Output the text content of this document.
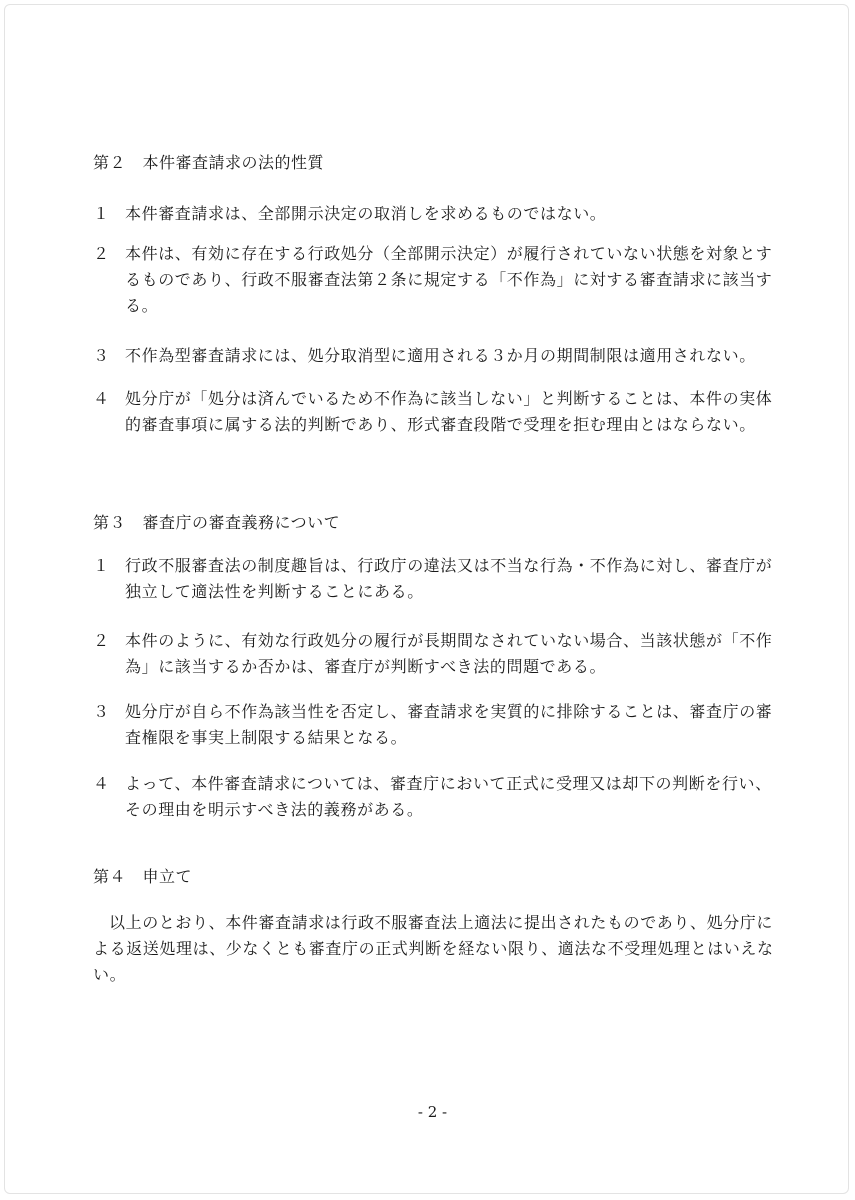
第２　本件審査請求の法的性質
１ 本件審査請求は、全部開示決定の取消しを求めるものではない。
２ 本件は、有効に存在する行政処分（全部開示決定）が履行されていない状態を対象とするものであり、行政不服審査法第２条に規定する「不作為」に対する審査請求に該当する。
３ 不作為型審査請求には、処分取消型に適用される３か月の期間制限は適用されない。
４ 処分庁が「処分は済んでいるため不作為に該当しない」と判断することは、本件の実体的審査事項に属する法的判断であり、形式審査段階で受理を拒む理由とはならない。
第３　審査庁の審査義務について
１ 行政不服審査法の制度趣旨は、行政庁の違法又は不当な行為・不作為に対し、審査庁が独立して適法性を判断することにある。
２ 本件のように、有効な行政処分の履行が長期間なされていない場合、当該状態が「不作為」に該当するか否かは、審査庁が判断すべき法的問題である。
３ 処分庁が自ら不作為該当性を否定し、審査請求を実質的に排除することは、審査庁の審査権限を事実上制限する結果となる。
４ よって、本件審査請求については、審査庁において正式に受理又は却下の判断を行い、その理由を明示すべき法的義務がある。
第４　申立て
以上のとおり、本件審査請求は行政不服審査法上適法に提出されたものであり、処分庁による返送処理は、少なくとも審査庁の正式判断を経ない限り、適法な不受理処理とはいえない。
- 2 -
